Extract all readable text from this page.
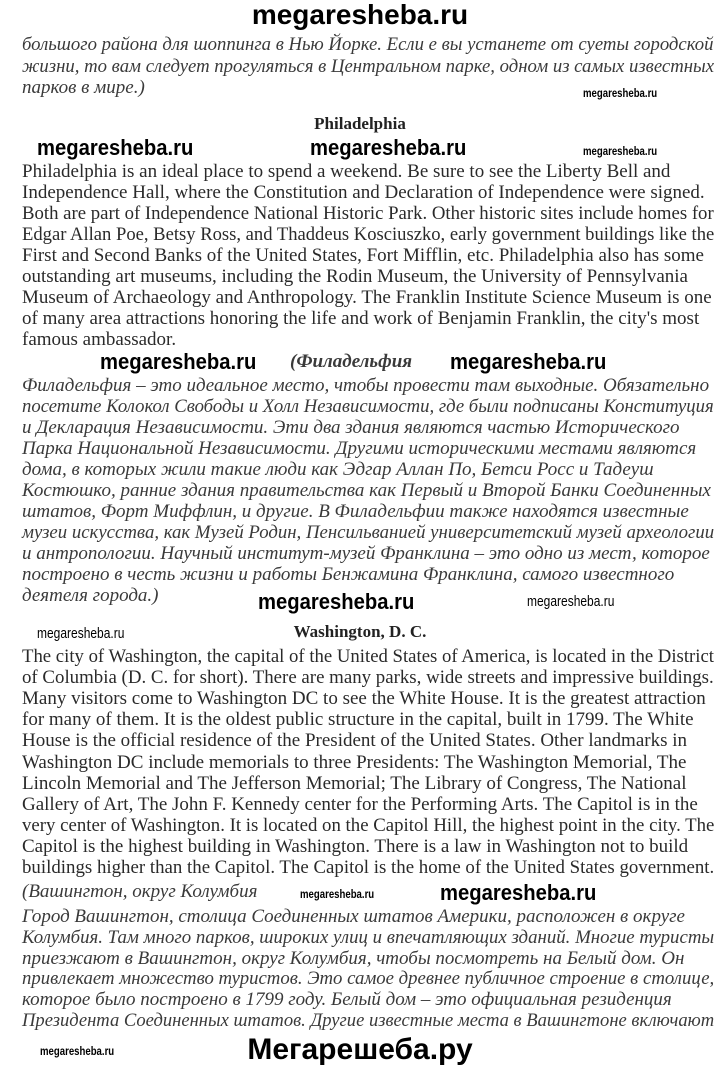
megaresheba.ru
большого района для шоппинга в Нью Йорке. Если е вы устанете от суеты городской
жизни, то вам следует прогуляться в Центральном парке, одном из самых известных
парков в мире.)	megaresheba.ru
Philadelphia
megaresheba.ru	megaresheba.ru	megaresheba.ru
Philadelphia is an ideal place to spend a weekend. Be sure to see the Liberty Bell and
Independence Hall, where the Constitution and Declaration of Independence were signed.
Both are part of Independence National Historic Park. Other historic sites include homes for
Edgar Allan Poe, Betsy Ross, and Thaddeus Kosciuszko, early government buildings like the
First and Second Banks of the United States, Fort Mifflin, etc. Philadelphia also has some
outstanding art museums, including the Rodin Museum, the University of Pennsylvania
Museum of Archaeology and Anthropology. The Franklin Institute Science Museum is one
of many area attractions honoring the life and work of Benjamin Franklin, the city's most
famous ambassador.
(Филадельфия
megaresheba.ru	megaresheba.ru
Филадельфия – это идеальное место, чтобы провести там выходные. Обязательно
посетите Колокол Свободы и Холл Независимости, где были подписаны Конституция
и Декларация Независимости. Эти два здания являются частью Исторического
Парка Национальной Независимости. Другими историческими местами являются
дома, в которых жили такие люди как Эдгар Аллан По, Бетси Росс и Тадеуш
Костюшко, ранние здания правительства как Первый и Второй Банки Соединенных
штатов, Форт Миффлин, и другие. В Филадельфии также находятся известные
музеи искусства, как Музей Родин, Пенсильванией университетский музей археологии
и антропологии. Научный институт-музей Франклина – это одно из мест, которое
построено в честь жизни и работы Бенжамина Франклина, самого известного
деятеля города.)	megaresheba.ru	megaresheba.ru
Washington, D. C.
megaresheba.ru
The city of Washington, the capital of the United States of America, is located in the District
of Columbia (D. C. for short). There are many parks, wide streets and impressive buildings.
Many visitors come to Washington DC to see the White House. It is the greatest attraction
for many of them. It is the oldest public structure in the capital, built in 1799. The White
House is the official residence of the President of the United States. Other landmarks in
Washington DC include memorials to three Presidents: The Washington Memorial, The
Lincoln Memorial and The Jefferson Memorial; The Library of Congress, The National
Gallery of Art, The John F. Kennedy center for the Performing Arts. The Capitol is in the
very center of Washington. It is located on the Capitol Hill, the highest point in the city. The
Capitol is the highest building in Washington. There is a law in Washington not to build
buildings higher than the Capitol. The Capitol is the home of the United States government.
(Вашингтон, округ Колумбия	megaresheba.ru	megaresheba.ru
Город Вашингтон, столица Соединенных штатов Америки, расположен в округе
Колумбия. Там много парков, широких улиц и впечатляющих зданий. Многие туристы
приезжают в Вашингтон, округ Колумбия, чтобы посмотреть на Белый дом. Он
привлекает множество туристов. Это самое древнее публичное строение в столице,
которое было построено в 1799 году. Белый дом – это официальная резиденция
Президента Соединенных штатов. Другие известные места в Вашингтоне включают
megaresheba.ru	Мегарешеба.ру
